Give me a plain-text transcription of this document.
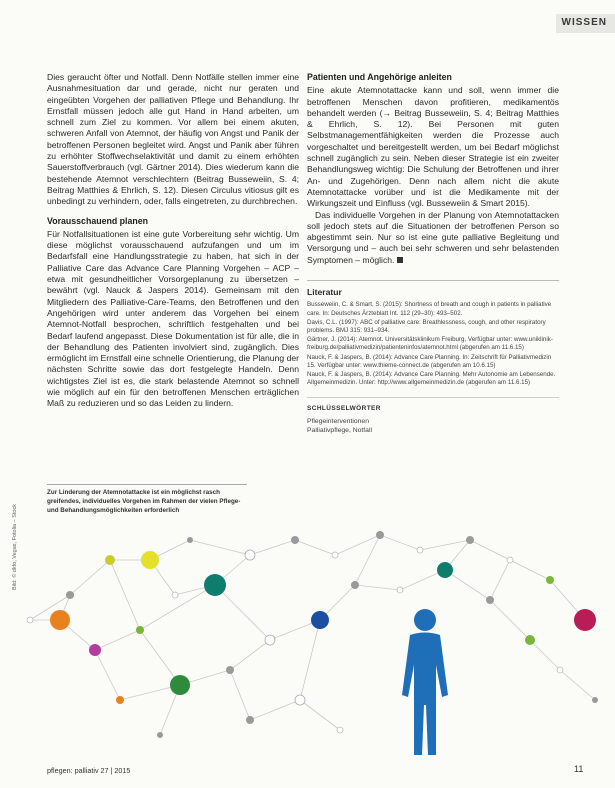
WISSEN

Dies geraucht öfter und Notfall. Denn Notfälle stellen immer eine Ausnahmesituation dar und gerade, nicht nur geraten und eingeübten Vorgehen der palliativen Pflege und Behandlung. Ihr Ernstfall müssen jedoch alle gut Hand in Hand arbeiten, um schnell zum Ziel zu kommen. Vor allem bei einem akuten, schweren Anfall von Atemnot, der häufig von Angst und Panik der betroffenen Personen begleitet wird. Angst und Panik aber führen zu erhöhter Stoffwechselaktivität und damit zu einem erhöhten Sauerstoffverbrauch (vgl. Gärtner 2014). Dies wiederum kann die bestehende Atemnot verschlechtern (Beitrag Busseweiin, S. 4; Beitrag Matthies & Ehrlich, S. 12). Diesen Circulus vitiosus gilt es unbedingt zu verhindern, oder, falls eingetreten, zu durchbrechen.

Vorausschauend planen

Für Notfallsituationen ist eine gute Vorbereitung sehr wichtig. Um diese möglichst vorausschauend aufzufangen und um im Bedarfsfall eine Handlungsstrategie zu haben, hat sich in der Palliative Care das Advance Care Planning Vorgehen – ACP – etwa mit gesundheitlicher Vorsorgeplanung zu übersetzen – bewährt (vgl. Nauck & Jaspers 2014). Gemeinsam mit den Mitgliedern des Palliative-Care-Teams, den Betroffenen und den Angehörigen wird unter anderem das Vorgehen bei einem Atemnot-Notfall besprochen, schriftlich festgehalten und bei Bedarf laufend angepasst. Diese Dokumentation ist für alle, die in der Behandlung des Patienten involviert sind, zugänglich. Dies ermöglicht im Ernstfall eine schnelle Orientierung, die Planung der nächsten Schritte sowie das dort festgelegte Handeln. Denn wichtigstes Ziel ist es, die stark belastende Atemnot so schnell wie möglich auf ein für den betroffenen Menschen erträglichen Maß zu reduzieren und so das Leiden zu lindern.

Patienten und Angehörige anleiten

Eine akute Atemnotattacke kann und soll, wenn immer die betroffenen Menschen davon profitieren, medikamentös behandelt werden (→ Beitrag Busseweiin, S. 4; Beitrag Matthies & Ehrlich, S. 12). Bei Personen mit guten Selbstmanagementfähigkeiten werden die Prozesse auch vorgeschaltet und bereitgestellt werden, um bei Bedarf möglichst schnell zugänglich zu sein. Neben dieser Strategie ist ein zweiter Behandlungsweg wichtig: Die Schulung der Betroffenen und ihrer An- und Zugehörigen. Denn nach allem nicht die akute Atemnotattacke vorüber und ist die Medikamente mit der Wirkungszeit und Einfluss (vgl. Busseweiin & Smart 2015).

Das individuelle Vorgehen in der Planung von Atemnotattacken soll jedoch stets auf die Situationen der betroffenen Person so abgestimmt sein. Nur so ist eine gute palliative Begleitung und Versorgung und – auch bei sehr schweren und sehr belastenden Symptomen – möglich.

Literatur
Busseweiin, C. & Smart, S. (2015): Shortness of breath and cough in patients in palliative care. In: Deutsches Ärzteblatt Int. 112 (29–30): 493–502.
Davis, C.L. (1997): ABC of palliative care: Breathlessness, cough, and other respiratory problems. BMJ 315: 931–934.
Gärtner, J. (2014): Atemnot. Universitätsklinikum Freiburg, Verfügbar unter: www.uniklinik-freiburg.de/palliativmedizin/patienteninfos/atemnot.html (abgerufen am 11.6.15)
Nauck, F. & Jaspers, B. (2014): Advance Care Planning. In: Zeitschrift für Palliativmedizin 15. Verfügbar unter: www.thieme-connect.de (abgerufen am 10.6.15)
Nauck, F. & Jaspers, B. (2014): Advance Care Planning. Mehr Autonomie am Lebensende. Allgemeinmedizin. Unter: http://www.allgemeinmedizin.de (abgerufen am 11.6.15)
SCHLÜSSELWÖRTER
Pflegeinterventionen
Palliativpflege, Notfall
Zur Linderung der Atemnotattacke ist ein möglichst rasch greifendes, individuelles Vorgehen im Rahmen der vielen Pflege- und Behandlungsmöglichkeiten erforderlich
Bild: © dkfo, Vegas, Fotolia – Stock
pflegen: palliativ 27 | 2015	11
